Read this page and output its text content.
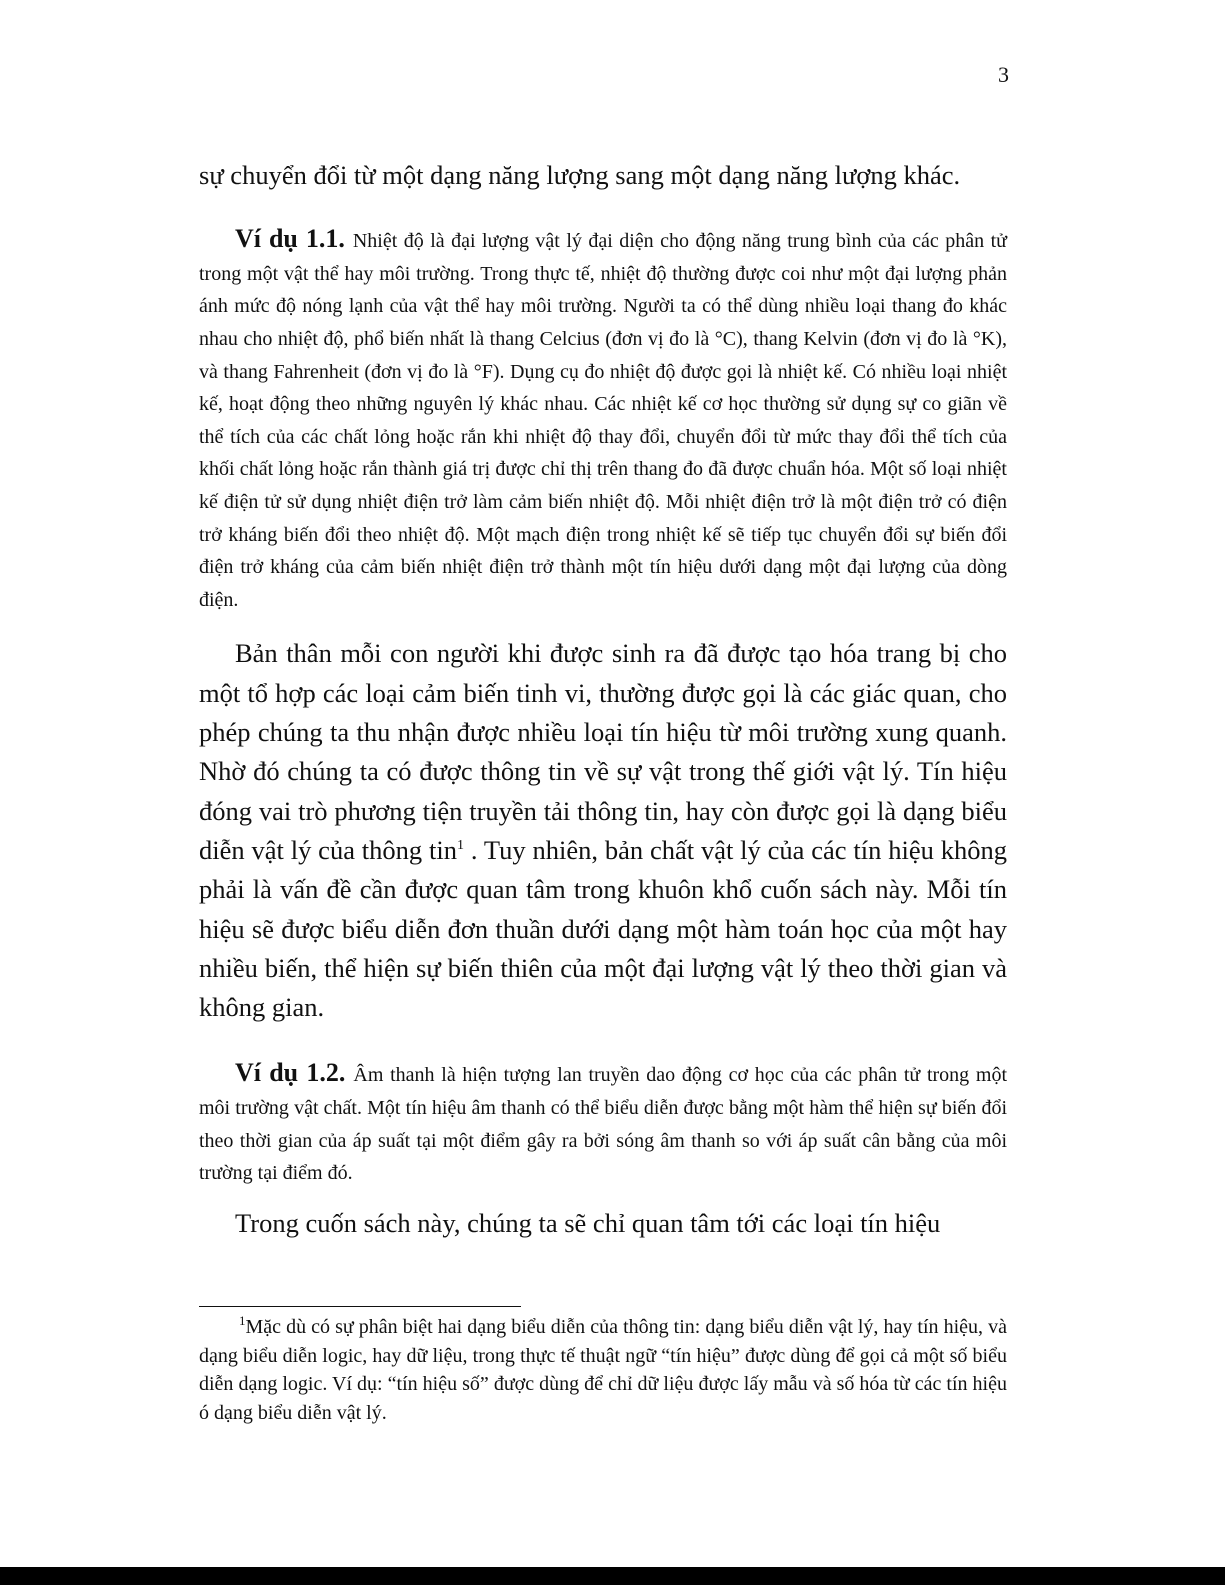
3

sự chuyển đổi từ một dạng năng lượng sang một dạng năng lượng khác.

Ví dụ 1.1. Nhiệt độ là đại lượng vật lý đại diện cho động năng trung bình của các phân tử trong một vật thể hay môi trường. Trong thực tế, nhiệt độ thường được coi như một đại lượng phản ánh mức độ nóng lạnh của vật thể hay môi trường. Người ta có thể dùng nhiều loại thang đo khác nhau cho nhiệt độ, phổ biến nhất là thang Celcius (đơn vị đo là °C), thang Kelvin (đơn vị đo là °K), và thang Fahrenheit (đơn vị đo là °F). Dụng cụ đo nhiệt độ được gọi là nhiệt kế. Có nhiều loại nhiệt kế, hoạt động theo những nguyên lý khác nhau. Các nhiệt kế cơ học thường sử dụng sự co giãn về thể tích của các chất lỏng hoặc rắn khi nhiệt độ thay đổi, chuyển đổi từ mức thay đổi thể tích của khối chất lỏng hoặc rắn thành giá trị được chỉ thị trên thang đo đã được chuẩn hóa. Một số loại nhiệt kế điện tử sử dụng nhiệt điện trở làm cảm biến nhiệt độ. Mỗi nhiệt điện trở là một điện trở có điện trở kháng biến đổi theo nhiệt độ. Một mạch điện trong nhiệt kế sẽ tiếp tục chuyển đổi sự biến đổi điện trở kháng của cảm biến nhiệt điện trở thành một tín hiệu dưới dạng một đại lượng của dòng điện.

Bản thân mỗi con người khi được sinh ra đã được tạo hóa trang bị cho một tổ hợp các loại cảm biến tinh vi, thường được gọi là các giác quan, cho phép chúng ta thu nhận được nhiều loại tín hiệu từ môi trường xung quanh. Nhờ đó chúng ta có được thông tin về sự vật trong thế giới vật lý. Tín hiệu đóng vai trò phương tiện truyền tải thông tin, hay còn được gọi là dạng biểu diễn vật lý của thông tin$^1$ . Tuy nhiên, bản chất vật lý của các tín hiệu không phải là vấn đề cần được quan tâm trong khuôn khổ cuốn sách này. Mỗi tín hiệu sẽ được biểu diễn đơn thuần dưới dạng một hàm toán học của một hay nhiều biến, thể hiện sự biến thiên của một đại lượng vật lý theo thời gian và không gian.

Ví dụ 1.2. Âm thanh là hiện tượng lan truyền dao động cơ học của các phân tử trong một môi trường vật chất. Một tín hiệu âm thanh có thể biểu diễn được bằng một hàm thể hiện sự biến đổi theo thời gian của áp suất tại một điểm gây ra bởi sóng âm thanh so với áp suất cân bằng của môi trường tại điểm đó.

Trong cuốn sách này, chúng ta sẽ chỉ quan tâm tới các loại tín hiệu

$^1$Mặc dù có sự phân biệt hai dạng biểu diễn của thông tin: dạng biểu diễn vật lý, hay tín hiệu, và dạng biểu diễn logic, hay dữ liệu, trong thực tế thuật ngữ “tín hiệu” được dùng để gọi cả một số biểu diễn dạng logic. Ví dụ: “tín hiệu số” được dùng để chỉ dữ liệu được lấy mẫu và số hóa từ các tín hiệu ó dạng biểu diễn vật lý.
